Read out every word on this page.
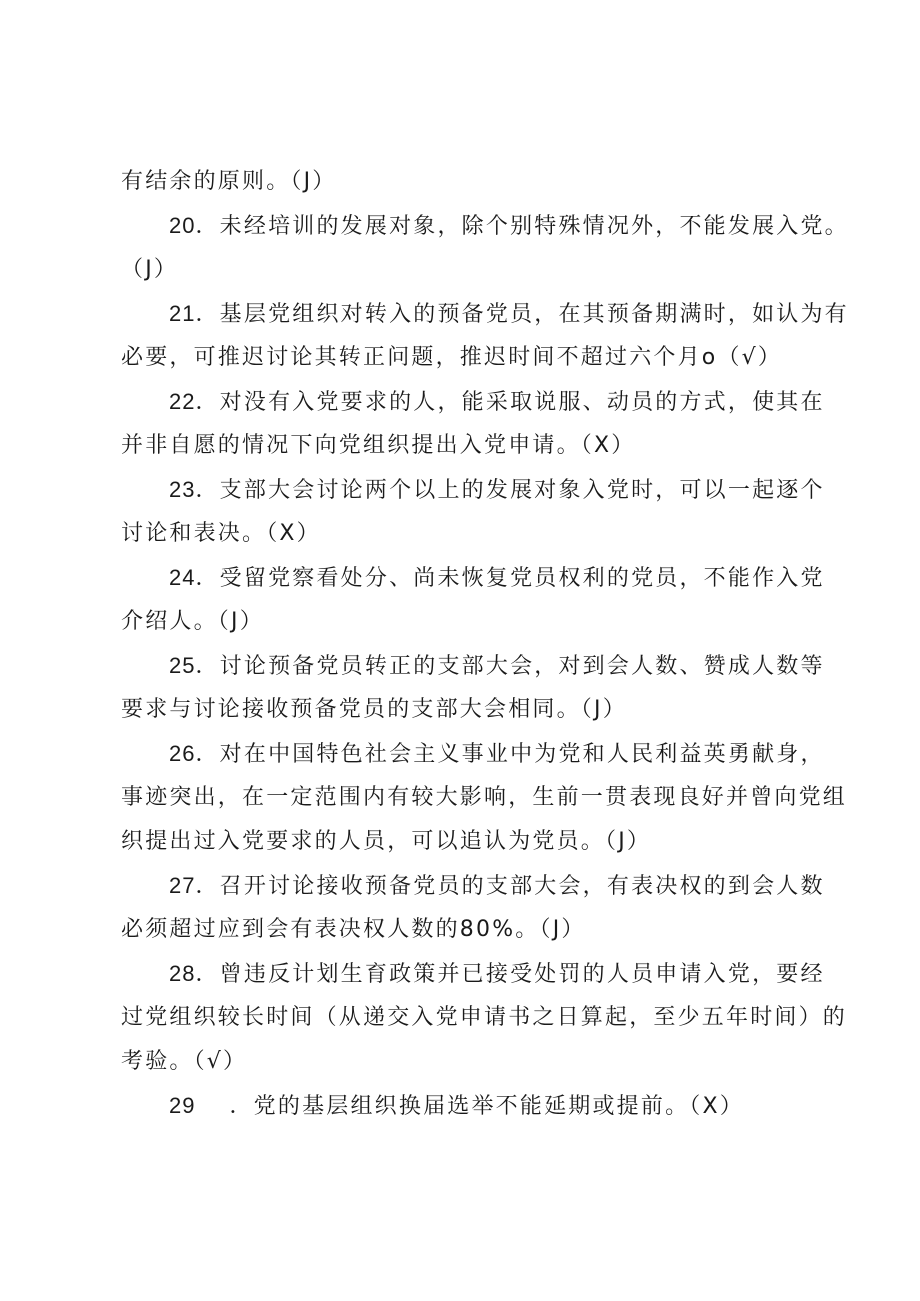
有结余的原则。（J）
20．未经培训的发展对象，除个别特殊情况外，不能发展入党。
（J）
21．基层党组织对转入的预备党员，在其预备期满时，如认为有
必要，可推迟讨论其转正问题，推迟时间不超过六个月o（√）
22．对没有入党要求的人，能采取说服、动员的方式，使其在
并非自愿的情况下向党组织提出入党申请。（X）
23．支部大会讨论两个以上的发展对象入党时，可以一起逐个
讨论和表决。（X）
24．受留党察看处分、尚未恢复党员权利的党员，不能作入党
介绍人。（J）
25．讨论预备党员转正的支部大会，对到会人数、赞成人数等
要求与讨论接收预备党员的支部大会相同。（J）
26．对在中国特色社会主义事业中为党和人民利益英勇献身，
事迹突出，在一定范围内有较大影响，生前一贯表现良好并曾向党组
织提出过入党要求的人员，可以追认为党员。（J）
27．召开讨论接收预备党员的支部大会，有表决权的到会人数
必须超过应到会有表决权人数的80%。（J）
28．曾违反计划生育政策并已接受处罚的人员申请入党，要经
过党组织较长时间（从递交入党申请书之日算起，至少五年时间）的
考验。（√）
29 ．党的基层组织换届选举不能延期或提前。（X）
